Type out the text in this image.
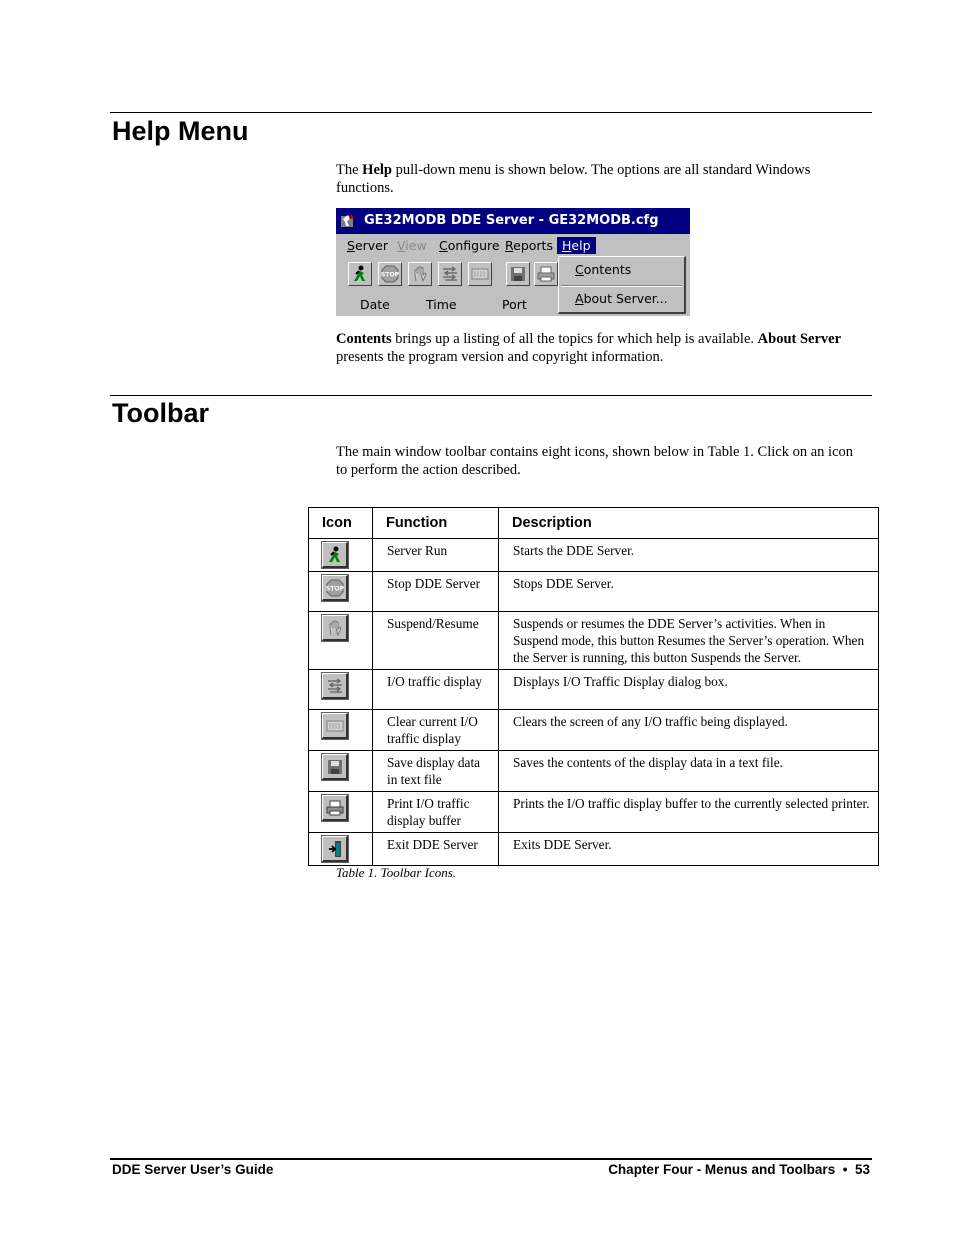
Help Menu

The Help pull-down menu is shown below. The options are all standard Windows functions.

GE32MODB DDE Server - GE32MODB.cfg
Server View Configure Reports Help
STOP
Date	Time	Port
Contents
About Server...

Contents brings up a listing of all the topics for which help is available. About Server presents the program version and copyright information.

Toolbar

The main window toolbar contains eight icons, shown below in Table 1. Click on an icon to perform the action described.

Icon	Function	Description

	Server Run	Starts the DDE Server.

STOP	Stop DDE Server	Stops DDE Server.

	Suspend/Resume	Suspends or resumes the DDE Server’s activities. When in Suspend mode, this button Resumes the Server’s operation. When the Server is running, this button Suspends the Server.

	I/O traffic display	Displays I/O Traffic Display dialog box.

	Clear current I/O traffic display	Clears the screen of any I/O traffic being displayed.

	Save display data in text file	Saves the contents of the display data in a text file.

	Print I/O traffic display buffer	Prints the I/O traffic display buffer to the currently selected printer.

	Exit DDE Server	Exits DDE Server.
Table 1. Toolbar Icons.
DDE Server User’s Guide	Chapter Four - Menus and Toolbars • 53
